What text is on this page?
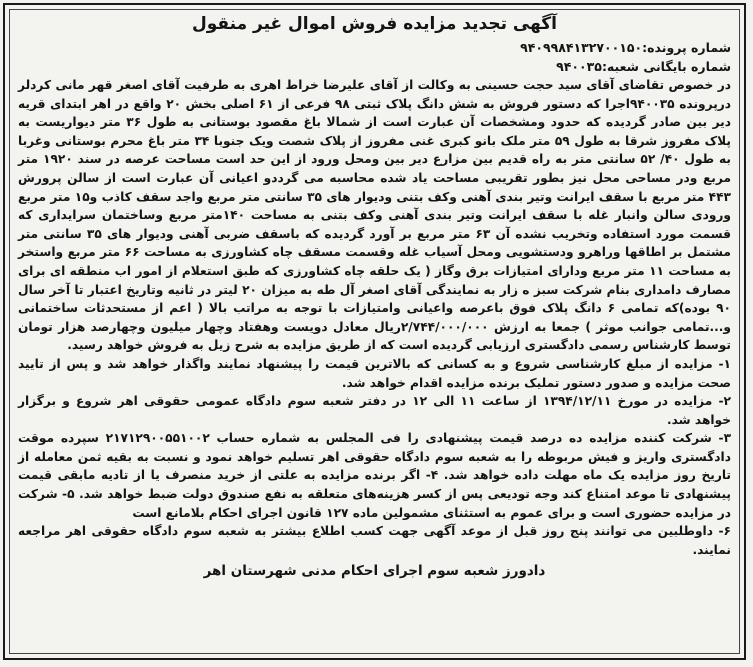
آگهی تجدید مزایده فروش اموال غیر منقول
شماره پرونده:۹۴۰۹۹۸۴۱۳۲۷۰۰۱۵۰
شماره بایگانی شعبه:۹۴۰۰۳۵

در خصوص تقاضای آقای سید حجت حسینی به وکالت از آقای علیرضا خراط اهری به طرفیت آقای اصغر قهر مانی کردلر درپرونده ۹۴۰۰۳۵اجرا که دستور فروش به شش دانگ پلاک ثبتی ۹۸ فرعی از ۶۱ اصلی بخش ۲۰ واقع در اهر ابتدای قریه دیر بین صادر گردیده که حدود ومشخصات آن عبارت است از شمالا باغ مقصود بوستانی به طول ۳۶ متر دیواریست به پلاک مفروز شرقا به طول ۵۹ متر ملک بانو کبری غنی مفروز از پلاک شصت ویک جنوبا ۳۴ متر باغ محرم بوستانی وغربا به طول ۴۰/ ۵۲ سانتی متر به راه قدیم بین مزارع دیر بین ومحل ورود از این حد است مساحت عرصه در سند ۱۹۲۰ متر مربع ودر مساحی محل نیز بطور تقریبی مساحت یاد شده محاسبه می گرددو اعیانی آن عبارت است از سالن پرورش ۴۴۳ متر مربع با سقف ایرانت وتیر بندی آهنی وکف بتنی ودیوار های ۳۵ سانتی متر مربع واجد سقف کاذب و۱۵ متر مربع ورودی سالن وانبار غله با سقف ایرانت وتیر بندی آهنی وکف بتنی به مساحت ۱۴۰متر مربع وساختمان سرایداری که قسمت مورد استفاده وتخریب نشده آن ۶۳ متر مربع بر آورد گردیده که باسقف ضربی آهنی ودیوار های ۳۵ سانتی متر مشتمل بر اطاقها وراهرو ودستشویی ومحل آسیاب غله وقسمت مسقف چاه کشاورزی به مساحت ۶۶ متر مربع واستخر به مساحت ۱۱ متر مربع ودارای امتیازات برق وگاز ( یک حلقه چاه کشاورزی که طبق استعلام از امور اب منطقه ای برای مصارف دامداری بنام شرکت سبز ه زار به نمایندگی آقای اصغر آل طه به میزان ۲۰ لیتر در ثانیه وتاریخ اعتبار تا آخر سال ۹۰ بوده)که تمامی ۶ دانگ پلاک فوق باعرصه واعیانی وامتیازات با توجه به مراتب بالا ( اعم از مستحدثات ساختمانی و...تمامی جوانب موثر ) جمعا به ارزش ۲/۷۴۴/۰۰۰/۰۰۰ریال معادل دویست وهفتاد وچهار میلیون وچهارصد هزار تومان توسط کارشناس رسمی دادگستری ارزیابی گردیده است که از طریق مزایده به شرح زیل به فروش خواهد رسید.

۱- مزایده از مبلغ کارشناسی شروع و به کسانی که بالاترین قیمت را پیشنهاد نمایند واگذار خواهد شد و پس از تایید صحت مزایده و صدور دستور تملیک برنده مزایده اقدام خواهد شد.

۲- مزایده در مورخ ۱۳۹۴/۱۲/۱۱ از ساعت ۱۱ الی ۱۲ در دفتر شعبه سوم دادگاه عمومی حقوقی اهر شروع و برگزار خواهد شد.

۳- شرکت کننده مزایده ده درصد قیمت پیشنهادی را فی المجلس به شماره حساب ۲۱۷۱۲۹۰۰۵۵۱۰۰۲ سپرده موقت دادگستری واریز و فیش مربوطه را به شعبه سوم دادگاه حقوقی اهر تسلیم خواهد نمود و نسبت به بقیه ثمن معامله از تاریخ روز مزایده یک ماه مهلت داده خواهد شد. ۴- اگر برنده مزایده به علتی از خرید منصرف یا از تادیه مابقی قیمت پیشنهادی تا موعد امتناع کند وجه تودیعی پس از کسر هزینه‌های متعلقه به نفع صندوق دولت ضبط خواهد شد. ۵- شرکت در مزایده حضوری است و برای عموم به استثنای مشمولین ماده ۱۲۷ قانون اجرای احکام بلامانع است

۶- داوطلبین می توانند پنج روز قبل از موعد آگهی جهت کسب اطلاع بیشتر به شعبه سوم دادگاه حقوقی اهر مراجعه نمایند.

دادورز شعبه سوم اجرای احکام مدنی شهرستان اهر
